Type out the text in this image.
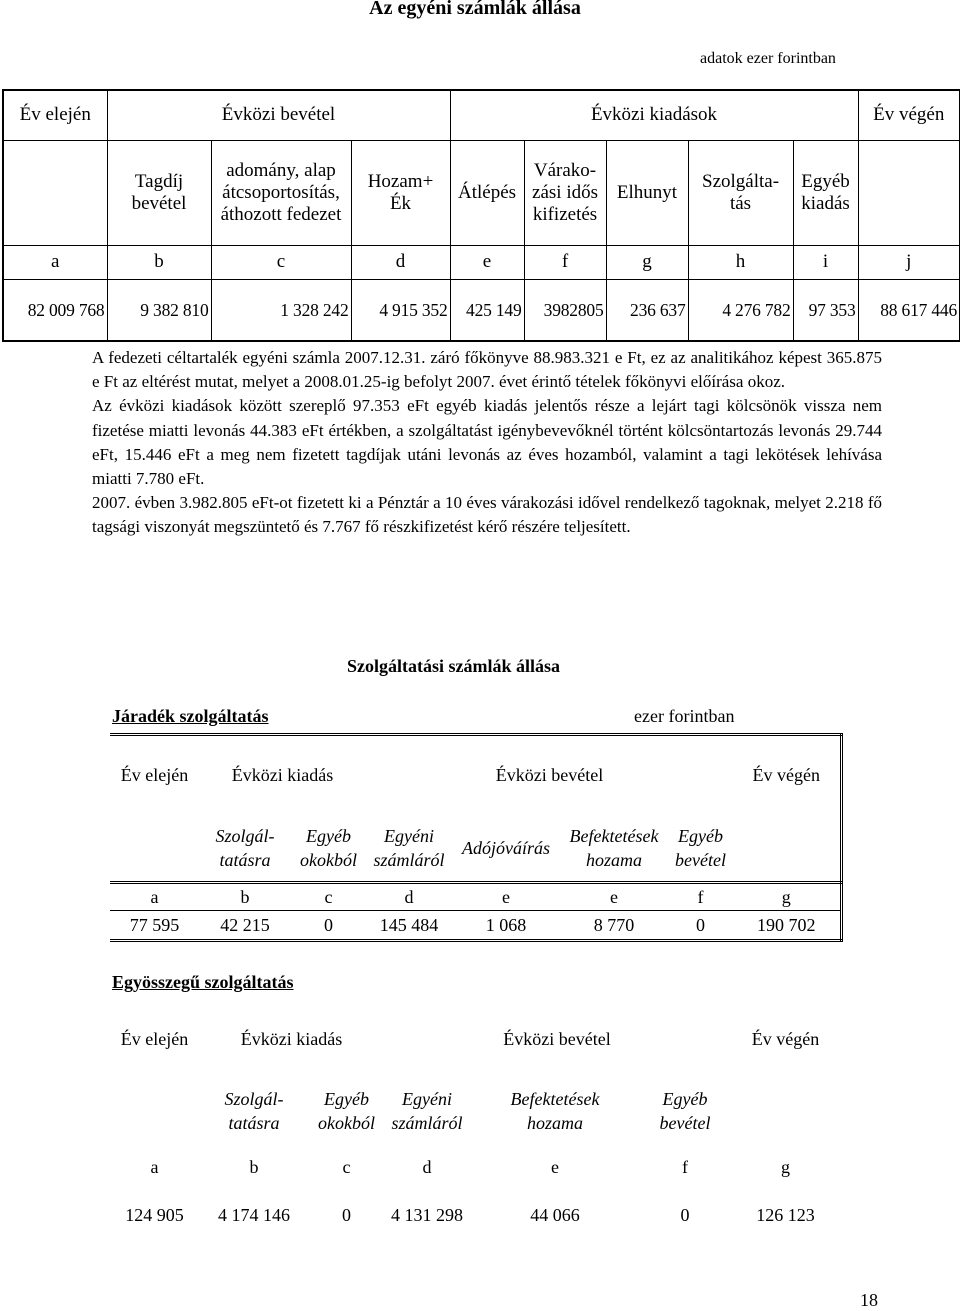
Az egyéni számlák állása
adatok ezer forintban
Év elején	Évközi bevétel			Évközi kiadások					Év végén
	Tagdíj bevétel	adomány, alap átcsoportosítás, áthozott fedezet	Hozam+ Ék	Átlépés	Várako-zási idős kifizetés	Elhunyt	Szolgálta-tás	Egyéb kiadás	
a	b	c	d	e	f	g	h	i	j
82 009 768	9 382 810	1 328 242	4 915 352	425 149	3982805	236 637	4 276 782	97 353	88 617 446

A fedezeti céltartalék egyéni számla 2007.12.31. záró főkönyve 88.983.321 e Ft, ez az analitikához képest 365.875 e Ft az eltérést mutat, melyet a 2008.01.25-ig befolyt 2007. évet érintő tételek főkönyvi előírása okoz.

Az évközi kiadások között szereplő 97.353 eFt egyéb kiadás jelentős része a lejárt tagi kölcsönök vissza nem fizetése miatti levonás 44.383 eFt értékben, a szolgáltatást igénybevevőknél történt kölcsöntartozás levonás 29.744 eFt, 15.446 eFt a meg nem fizetett tagdíjak utáni levonás az éves hozamból, valamint a tagi lekötések lehívása miatti 7.780 eFt.

2007. évben 3.982.805 eFt-ot fizetett ki a Pénztár a 10 éves várakozási idővel rendelkező tagoknak, melyet 2.218 fő tagsági viszonyát megszüntető és 7.767 fő részkifizetést kérő részére teljesített.

Szolgáltatási számlák állása
Járadék szolgáltatás	ezer forintban
Év elején	Évközi kiadás		Évközi bevétel				Év végén
	Szolgál-tatásra	Egyéb okokból	Egyéni számláról	Adójóváírás	Befektetések hozama	Egyéb bevétel	
a	b	c	d	e	e	f	g
77 595	42 215	0	145 484	1 068	8 770	0	190 702
Egyösszegű szolgáltatás
Év elején	Évközi kiadás		Évközi bevétel			Év végén
	Szolgál-tatásra	Egyéb okokból	Egyéni számláról	Befektetések hozama	Egyéb bevétel	
a	b	c	d	e	f	g
124 905	4 174 146	0	4 131 298	44 066	0	126 123
18
